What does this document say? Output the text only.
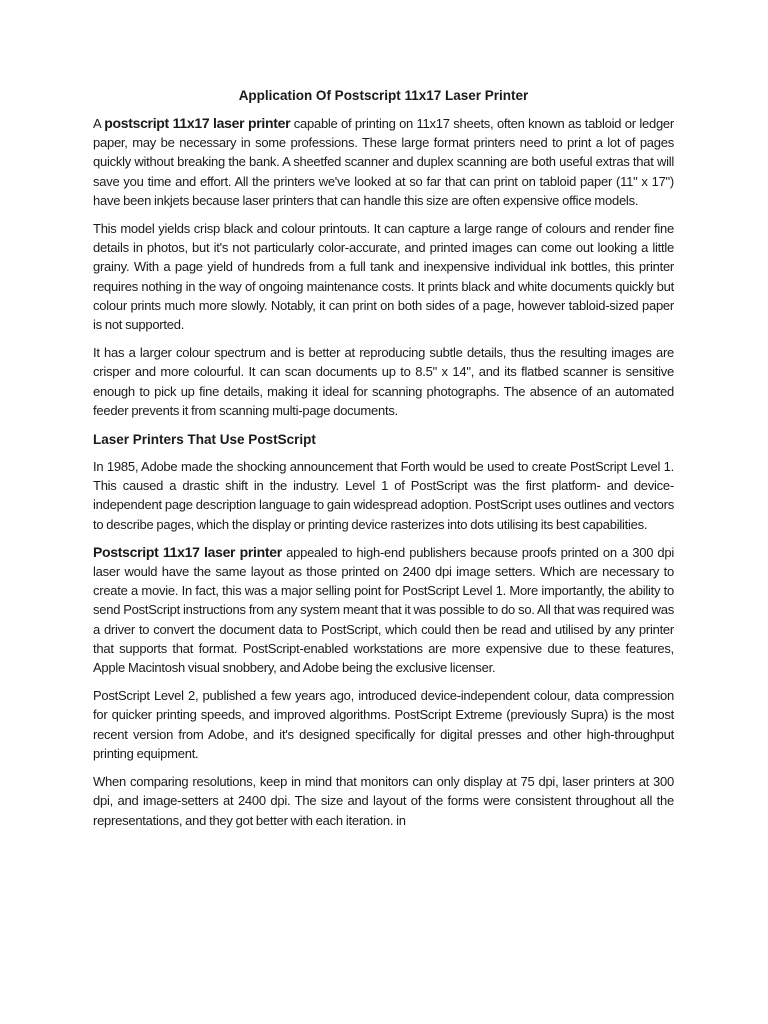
Application Of Postscript 11x17 Laser Printer

A postscript 11x17 laser printer capable of printing on 11x17 sheets, often known as tabloid or ledger paper, may be necessary in some professions. These large format printers need to print a lot of pages quickly without breaking the bank. A sheetfed scanner and duplex scanning are both useful extras that will save you time and effort. All the printers we've looked at so far that can print on tabloid paper (11" x 17") have been inkjets because laser printers that can handle this size are often expensive office models.

This model yields crisp black and colour printouts. It can capture a large range of colours and render fine details in photos, but it's not particularly color-accurate, and printed images can come out looking a little grainy. With a page yield of hundreds from a full tank and inexpensive individual ink bottles, this printer requires nothing in the way of ongoing maintenance costs. It prints black and white documents quickly but colour prints much more slowly. Notably, it can print on both sides of a page, however tabloid-sized paper is not supported.

It has a larger colour spectrum and is better at reproducing subtle details, thus the resulting images are crisper and more colourful. It can scan documents up to 8.5" x 14", and its flatbed scanner is sensitive enough to pick up fine details, making it ideal for scanning photographs. The absence of an automated feeder prevents it from scanning multi-page documents.

Laser Printers That Use PostScript

In 1985, Adobe made the shocking announcement that Forth would be used to create PostScript Level 1. This caused a drastic shift in the industry. Level 1 of PostScript was the first platform- and device-independent page description language to gain widespread adoption. PostScript uses outlines and vectors to describe pages, which the display or printing device rasterizes into dots utilising its best capabilities.

Postscript 11x17 laser printer appealed to high-end publishers because proofs printed on a 300 dpi laser would have the same layout as those printed on 2400 dpi image setters. Which are necessary to create a movie. In fact, this was a major selling point for PostScript Level 1. More importantly, the ability to send PostScript instructions from any system meant that it was possible to do so. All that was required was a driver to convert the document data to PostScript, which could then be read and utilised by any printer that supports that format. PostScript-enabled workstations are more expensive due to these features, Apple Macintosh visual snobbery, and Adobe being the exclusive licenser.

PostScript Level 2, published a few years ago, introduced device-independent colour, data compression for quicker printing speeds, and improved algorithms. PostScript Extreme (previously Supra) is the most recent version from Adobe, and it's designed specifically for digital presses and other high-throughput printing equipment.

When comparing resolutions, keep in mind that monitors can only display at 75 dpi, laser printers at 300 dpi, and image-setters at 2400 dpi. The size and layout of the forms were consistent throughout all the representations, and they got better with each iteration. in
